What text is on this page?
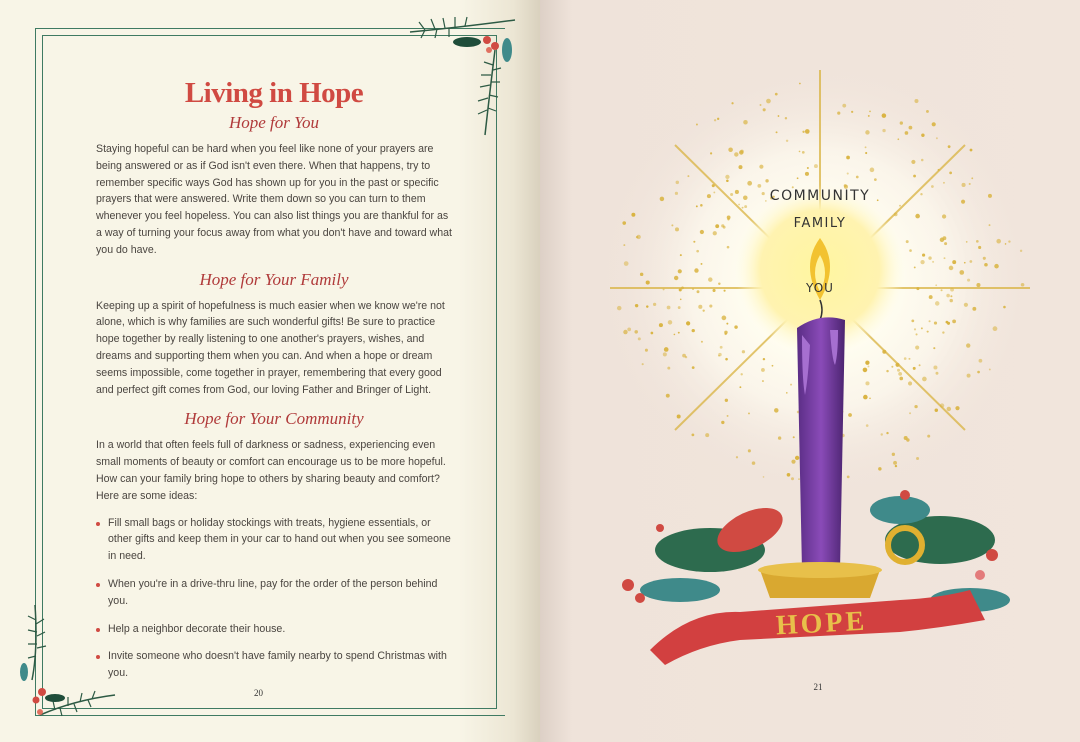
Living in Hope
Hope for You

Staying hopeful can be hard when you feel like none of your prayers are being answered or as if God isn't even there. When that happens, try to remember specific ways God has shown up for you in the past or specific prayers that were answered. Write them down so you can turn to them whenever you feel hopeless. You can also list things you are thankful for as a way of turning your focus away from what you don't have and toward what you do have.

Hope for Your Family

Keeping up a spirit of hopefulness is much easier when we know we're not alone, which is why families are such wonderful gifts! Be sure to practice hope together by really listening to one another's prayers, wishes, and dreams and supporting them when you can. And when a hope or dream seems impossible, come together in prayer, remembering that every good and perfect gift comes from God, our loving Father and Bringer of Light.

Hope for Your Community

In a world that often feels full of darkness or sadness, experiencing even small moments of beauty or comfort can encourage us to be more hopeful. How can your family bring hope to others by sharing beauty and comfort? Here are some ideas:

Fill small bags or holiday stockings with treats, hygiene essentials, or other gifts and keep them in your car to hand out when you see someone in need.
When you're in a drive-thru line, pay for the order of the person behind you.
Help a neighbor decorate their house.
Invite someone who doesn't have family nearby to spend Christmas with you.
20
COMMUNITY
FAMILY
YOU
HOPE
21
